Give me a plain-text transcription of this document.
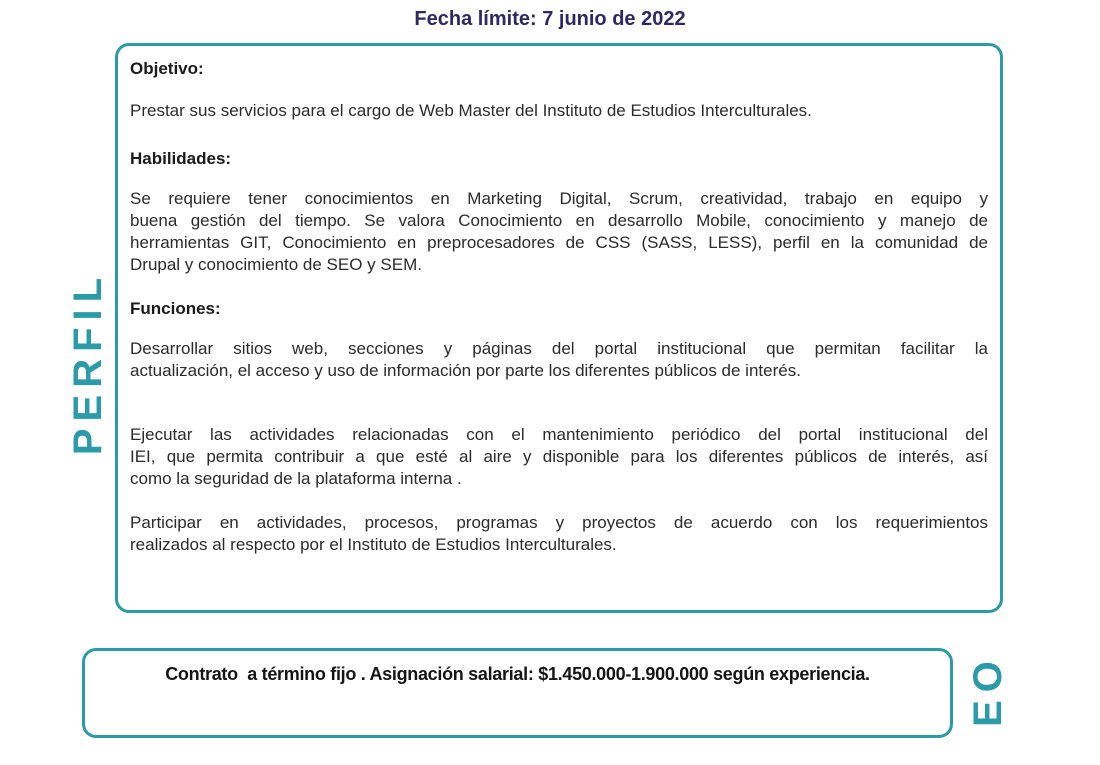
Fecha límite: 7 junio de 2022
PERFIL
Objetivo:
Prestar sus servicios para el cargo de Web Master del Instituto de Estudios Interculturales.
Habilidades:
Se requiere tener conocimientos en Marketing Digital, Scrum, creatividad, trabajo en equipo y
buena gestión del tiempo. Se valora Conocimiento en desarrollo Mobile, conocimiento y manejo de
herramientas GIT, Conocimiento en preprocesadores de CSS (SASS, LESS), perfil en la comunidad de
Drupal y conocimiento de SEO y SEM.
Funciones:
Desarrollar sitios web, secciones y páginas del portal institucional que permitan facilitar la
actualización, el acceso y uso de información por parte los diferentes públicos de interés.
Ejecutar las actividades relacionadas con el mantenimiento periódico del portal institucional del
IEI, que permita contribuir a que esté al aire y disponible para los diferentes públicos de interés, así
como la seguridad de la plataforma interna .
Participar en actividades, procesos, programas y proyectos de acuerdo con los requerimientos
realizados al respecto por el Instituto de Estudios Interculturales.
Contrato  a término fijo . Asignación salarial: $1.450.000-1.900.000 según experiencia.	EO
